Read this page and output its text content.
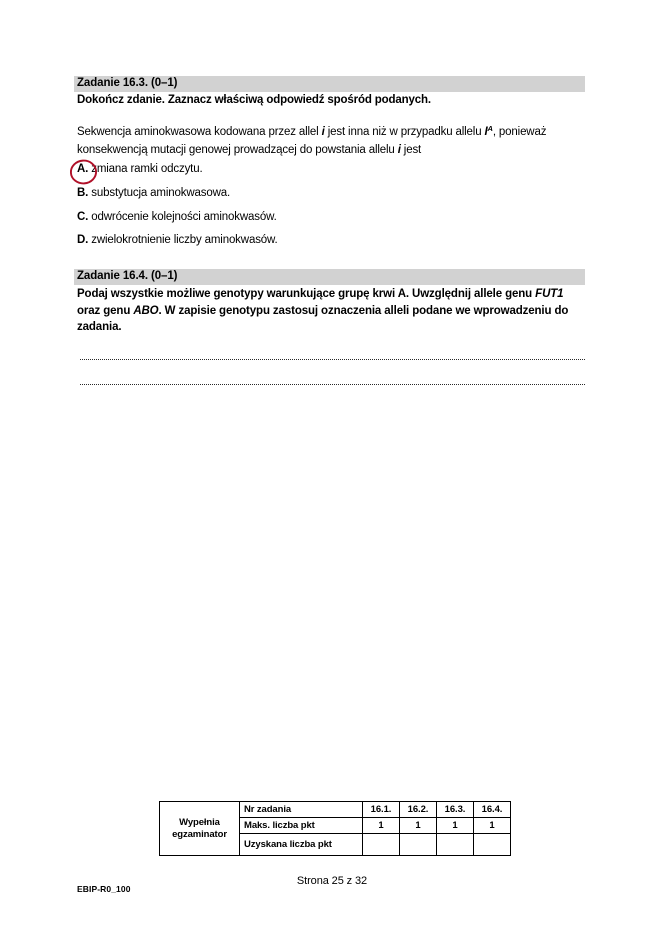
Zadanie 16.3. (0–1)
Dokończ zdanie. Zaznacz właściwą odpowiedź spośród podanych.
Sekwencja aminokwasowa kodowana przez allel i jest inna niż w przypadku allelu $I^A$, ponieważ konsekwencją mutacji genowej prowadzącej do powstania allelu i jest
A. zmiana ramki odczytu.
B. substytucja aminokwasowa.
C. odwrócenie kolejności aminokwasów.
D. zwielokrotnienie liczby aminokwasów.
Zadanie 16.4. (0–1)
Podaj wszystkie możliwe genotypy warunkujące grupę krwi A. Uwzględnij allele genu FUT1 oraz genu ABO. W zapisie genotypu zastosuj oznaczenia alleli podane we wprowadzeniu do zadania.
Wypełnia
egzaminator	Nr zadania	16.1.	16.2.	16.3.	16.4.
	Maks. liczba pkt	1	1	1	1
	Uzyskana liczba pkt				
EBIP-R0_100
Strona 25 z 32
